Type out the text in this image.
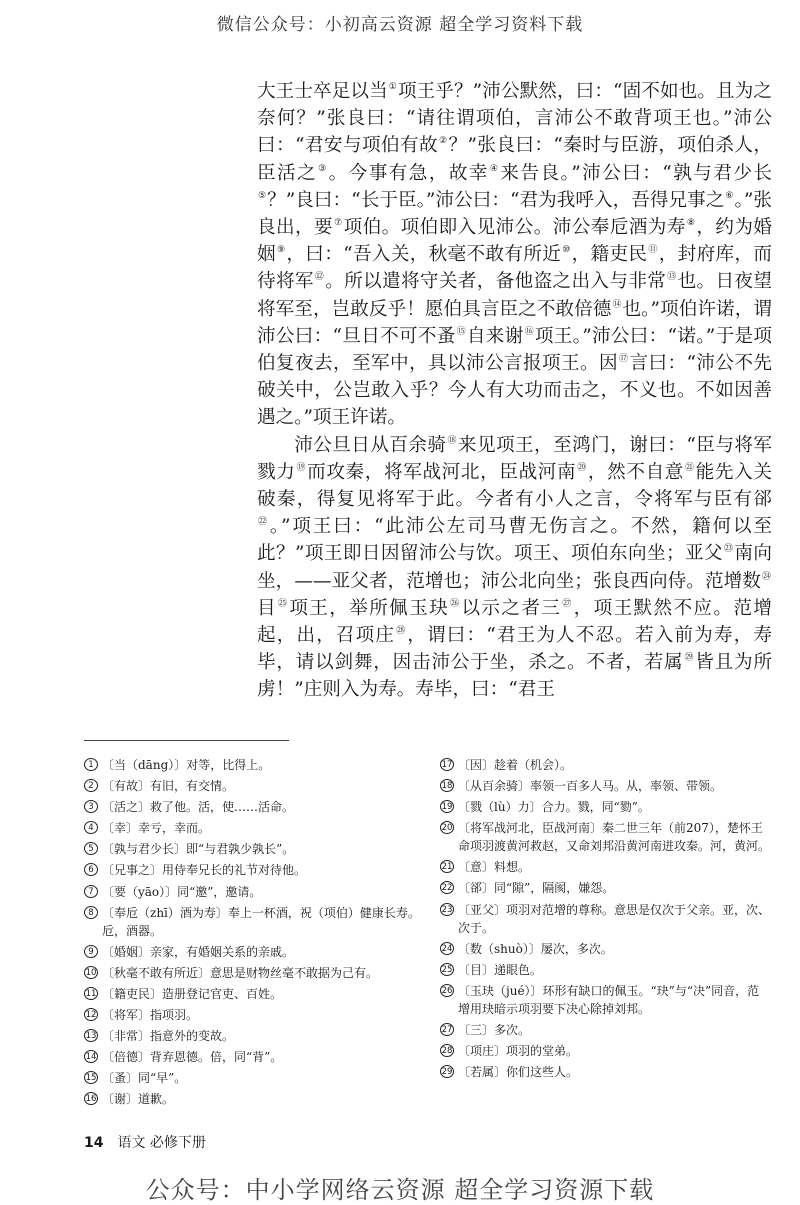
微信公众号：小初高云资源 超全学习资料下载

大王士卒足以当①项王乎？”沛公默然，曰：“固不如也。且为之奈何？”张良曰：“请往谓项伯，言沛公不敢背项王也。”沛公曰：“君安与项伯有故②？”张良曰：“秦时与臣游，项伯杀人，臣活之③。今事有急，故幸④来告良。”沛公曰：“孰与君少长⑤？”良曰：“长于臣。”沛公曰：“君为我呼入，吾得兄事之⑥。”张良出，要⑦项伯。项伯即入见沛公。沛公奉卮酒为寿⑧，约为婚姻⑨，曰：“吾入关，秋毫不敢有所近⑩，籍吏民⑪，封府库，而待将军⑫。所以遣将守关者，备他盗之出入与非常⑬也。日夜望将军至，岂敢反乎！愿伯具言臣之不敢倍德⑭也。”项伯许诺，谓沛公曰：“旦日不可不蚤⑮自来谢⑯项王。”沛公曰：“诺。”于是项伯复夜去，至军中，具以沛公言报项王。因⑰言曰：“沛公不先破关中，公岂敢入乎？今人有大功而击之，不义也。不如因善遇之。”项王许诺。

沛公旦日从百余骑⑱来见项王，至鸿门，谢曰：“臣与将军戮力⑲而攻秦，将军战河北，臣战河南⑳，然不自意$^㉑$能先入关破秦，得复见将军于此。今者有小人之言，令将军与臣有郤$^㉒$。”项王曰：“此沛公左司马曹无伤言之。不然，籍何以至此？”项王即日因留沛公与饮。项王、项伯东向坐；亚父$^㉓$南向坐，——亚父者，范增也；沛公北向坐；张良西向侍。范增数$^㉔$目$^㉕$项王，举所佩玉玦$^㉖$以示之者三$^㉗$，项王默然不应。范增起，出，召项庄$^㉘$，谓曰：“君王为人不忍。若入前为寿，寿毕，请以剑舞，因击沛公于坐，杀之。不者，若属$^㉙$皆且为所虏！”庄则入为寿。寿毕，曰：“君王

1 〔当（dāng）〕对等，比得上。
2 〔有故〕有旧，有交情。
3 〔活之〕救了他。活，使……活命。
4 〔幸〕幸亏，幸而。
5 〔孰与君少长〕即“与君孰少孰长”。
6 〔兄事之〕用侍奉兄长的礼节对待他。
7 〔要（yāo）〕同“邀”，邀请。
8 〔奉卮（zhī）酒为寿〕奉上一杯酒，祝（项伯）健康长寿。卮，酒器。
9 〔婚姻〕亲家，有婚姻关系的亲戚。
10 〔秋毫不敢有所近〕意思是财物丝毫不敢据为己有。
11 〔籍吏民〕造册登记官吏、百姓。
12 〔将军〕指项羽。
13 〔非常〕指意外的变故。
14 〔倍德〕背弃恩德。倍，同“背”。
15 〔蚤〕同“早”。
16 〔谢〕道歉。
17 〔因〕趁着（机会）。
18 〔从百余骑〕率领一百多人马。从，率领、带领。
19 〔戮（lù）力〕合力。戮，同“勠”。
20 〔将军战河北，臣战河南〕秦二世三年（前207），楚怀王命项羽渡黄河救赵，又命刘邦沿黄河南进攻秦。河，黄河。
21 〔意〕料想。
22 〔郤〕同“隙”，隔阂，嫌怨。
23 〔亚父〕项羽对范增的尊称。意思是仅次于父亲。亚，次、次于。
24 〔数（shuò）〕屡次，多次。
25 〔目〕递眼色。
26 〔玉玦（jué）〕环形有缺口的佩玉。“玦”与“决”同音，范增用玦暗示项羽要下决心除掉刘邦。
27 〔三〕多次。
28 〔项庄〕项羽的堂弟。
29 〔若属〕你们这些人。
14 语文 必修下册
公众号：中小学网络云资源 超全学习资源下载
